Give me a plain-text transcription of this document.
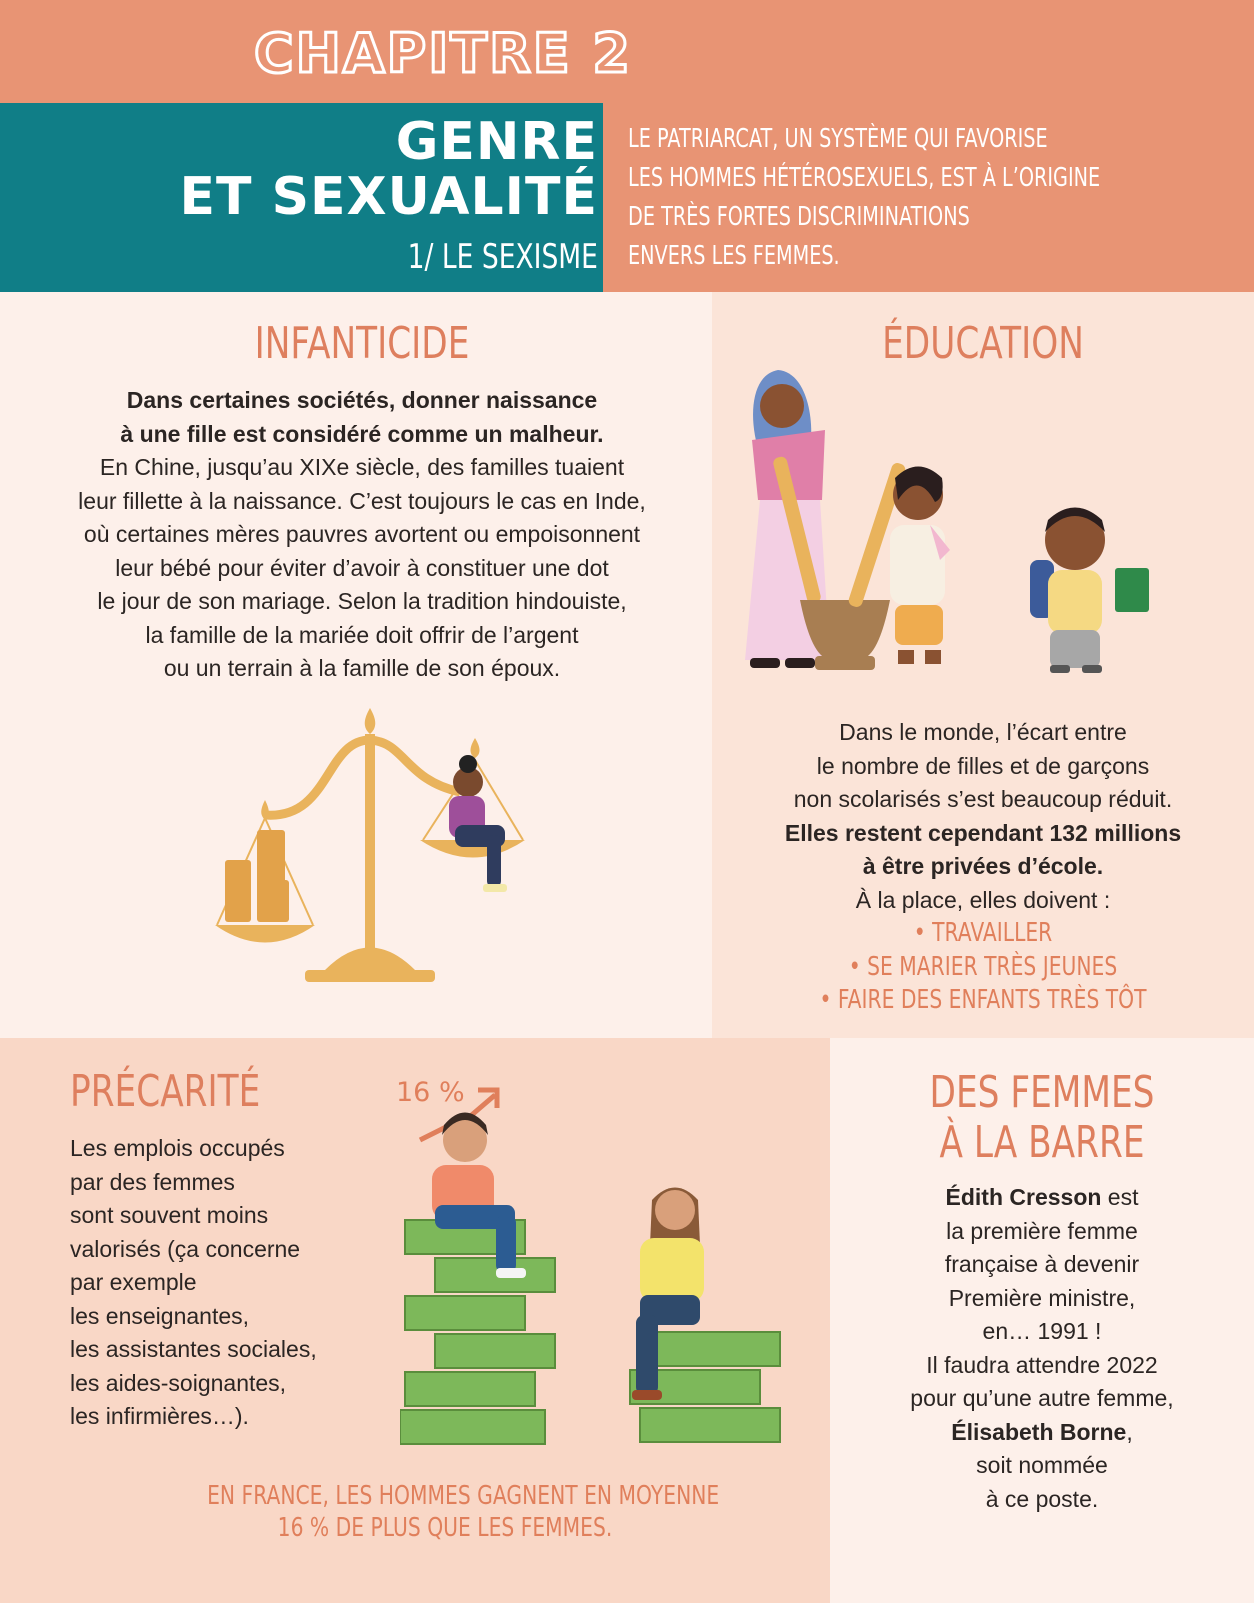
CHAPITRE 2
GENRE
ET SEXUALITÉ
1/ LE SEXISME
LE PATRIARCAT, UN SYSTÈME QUI FAVORISE
LES HOMMES HÉTÉROSEXUELS, EST À L’ORIGINE
DE TRÈS FORTES DISCRIMINATIONS
ENVERS LES FEMMES.
INFANTICIDE
Dans certaines sociétés, donner naissance
à une fille est considéré comme un malheur.
En Chine, jusqu’au XIXe siècle, des familles tuaient
leur fillette à la naissance. C’est toujours le cas en Inde,
où certaines mères pauvres avortent ou empoisonnent
leur bébé pour éviter d’avoir à constituer une dot
le jour de son mariage. Selon la tradition hindouiste,
la famille de la mariée doit offrir de l’argent
ou un terrain à la famille de son époux.
ÉDUCATION
Dans le monde, l’écart entre
le nombre de filles et de garçons
non scolarisés s’est beaucoup réduit.
Elles restent cependant 132 millions
à être privées d’école.
À la place, elles doivent :
• TRAVAILLER
• SE MARIER TRÈS JEUNES
• FAIRE DES ENFANTS TRÈS TÔT
PRÉCARITÉ
Les emplois occupés
par des femmes
sont souvent moins
valorisés (ça concerne
par exemple
les enseignantes,
les assistantes sociales,
les aides-soignantes,
les infirmières…).
16 %
EN FRANCE, LES HOMMES GAGNENT EN MOYENNE
16 % DE PLUS QUE LES FEMMES.
DES FEMMES
À LA BARRE
Édith Cresson est
la première femme
française à devenir
Première ministre,
en… 1991 !
Il faudra attendre 2022
pour qu’une autre femme,
Élisabeth Borne,
soit nommée
à ce poste.
